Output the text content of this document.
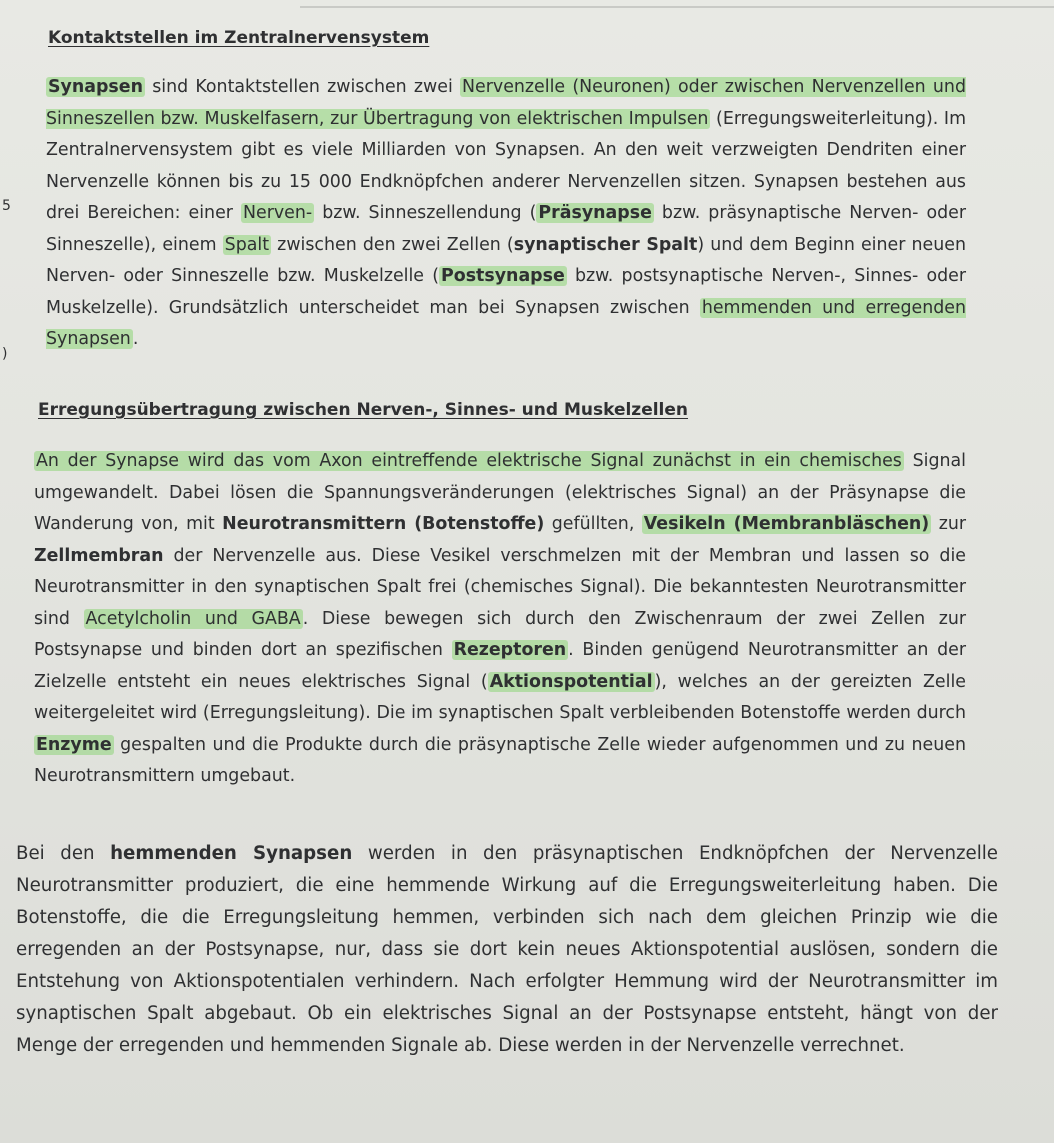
Kontaktstellen im Zentralnervensystem
Synapsen sind Kontaktstellen zwischen zwei Nervenzelle (Neuronen) oder zwischen Nervenzellen und Sinneszellen bzw. Muskelfasern, zur Übertragung von elektrischen Impulsen (Erregungsweiterleitung). Im Zentralnervensystem gibt es viele Milliarden von Synapsen. An den weit verzweigten Dendriten einer Nervenzelle können bis zu 15 000 Endknöpfchen anderer Nervenzellen sitzen. Synapsen bestehen aus drei Bereichen: einer Nerven- bzw. Sinneszellendung ( Präsynapse bzw. präsynaptische Nerven- oder Sinneszelle), einem Spalt zwischen den zwei Zellen (synaptischer Spalt) und dem Beginn einer neuen Nerven- oder Sinneszelle bzw. Muskelzelle ( Postsynapse bzw. postsynaptische Nerven-, Sinnes- oder Muskelzelle). Grundsätzlich unterscheidet man bei Synapsen zwischen hemmenden und erregenden Synapsen .
5
)
Erregungsübertragung zwischen Nerven-, Sinnes- und Muskelzellen
An der Synapse wird das vom Axon eintreffende elektrische Signal zunächst in ein chemisches Signal umgewandelt. Dabei lösen die Spannungsveränderungen (elektrisches Signal) an der Präsynapse die Wanderung von, mit Neurotransmittern (Botenstoffe) gefüllten, Vesikeln (Membranbläschen) zur Zellmembran der Nervenzelle aus. Diese Vesikel verschmelzen mit der Membran und lassen so die Neurotransmitter in den synaptischen Spalt frei (chemisches Signal). Die bekanntesten Neurotransmitter sind Acetylcholin und GABA . Diese bewegen sich durch den Zwischenraum der zwei Zellen zur Postsynapse und binden dort an spezifischen Rezeptoren . Binden genügend Neurotransmitter an der Zielzelle entsteht ein neues elektrisches Signal ( Aktionspotential ), welches an der gereizten Zelle weitergeleitet wird (Erregungsleitung). Die im synaptischen Spalt verbleibenden Botenstoffe werden durch Enzyme gespalten und die Produkte durch die präsynaptische Zelle wieder aufgenommen und zu neuen Neurotransmittern umgebaut.
Bei den hemmenden Synapsen werden in den präsynaptischen Endknöpfchen der Nervenzelle Neurotransmitter produziert, die eine hemmende Wirkung auf die Erregungsweiterleitung haben. Die Botenstoffe, die die Erregungsleitung hemmen, verbinden sich nach dem gleichen Prinzip wie die erregenden an der Postsynapse, nur, dass sie dort kein neues Aktionspotential auslösen, sondern die Entstehung von Aktionspotentialen verhindern. Nach erfolgter Hemmung wird der Neurotransmitter im synaptischen Spalt abgebaut. Ob ein elektrisches Signal an der Postsynapse entsteht, hängt von der Menge der erregenden und hemmenden Signale ab. Diese werden in der Nervenzelle verrechnet.
